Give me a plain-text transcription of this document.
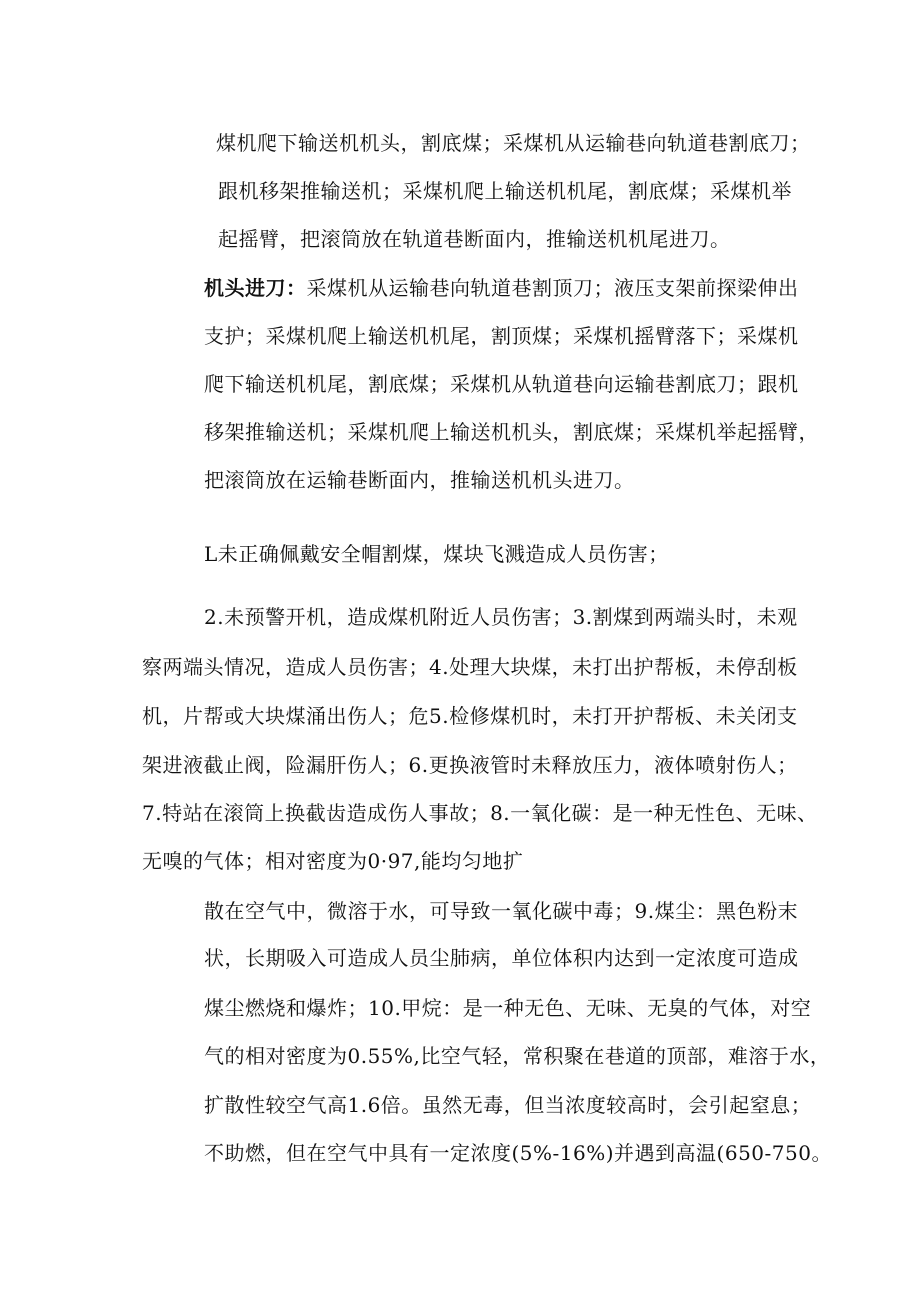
煤机爬下输送机机头，割底煤；采煤机从运输巷向轨道巷割底刀；
跟机移架推输送机；采煤机爬上输送机机尾，割底煤；采煤机举
起摇臂，把滚筒放在轨道巷断面内，推输送机机尾进刀。
机头进刀：采煤机从运输巷向轨道巷割顶刀；液压支架前探梁伸出
支护；采煤机爬上输送机机尾，割顶煤；采煤机摇臂落下；采煤机
爬下输送机机尾，割底煤；采煤机从轨道巷向运输巷割底刀；跟机
移架推输送机；采煤机爬上输送机机头，割底煤；采煤机举起摇臂，
把滚筒放在运输巷断面内，推输送机机头进刀。
L未正确佩戴安全帽割煤，煤块飞溅造成人员伤害；
2.未预警开机，造成煤机附近人员伤害；3.割煤到两端头时，未观
察两端头情况，造成人员伤害；4.处理大块煤，未打出护帮板，未停刮板
机，片帮或大块煤涌出伤人；危5.检修煤机时，未打开护帮板、未关闭支
架进液截止阀，险漏肝伤人；6.更换液管时未释放压力，液体喷射伤人；
7.特站在滚筒上换截齿造成伤人事故；8.一氧化碳：是一种无性色、无味、
无嗅的气体；相对密度为0·97,能均匀地扩
散在空气中，微溶于水，可导致一氧化碳中毒；9.煤尘：黑色粉末
状，长期吸入可造成人员尘肺病，单位体积内达到一定浓度可造成
煤尘燃烧和爆炸；10.甲烷：是一种无色、无味、无臭的气体，对空
气的相对密度为0.55%,比空气轻，常积聚在巷道的顶部，难溶于水，
扩散性较空气高1.6倍。虽然无毒，但当浓度较高时，会引起窒息；
不助燃，但在空气中具有一定浓度(5%-16%)并遇到高温(650-750。
